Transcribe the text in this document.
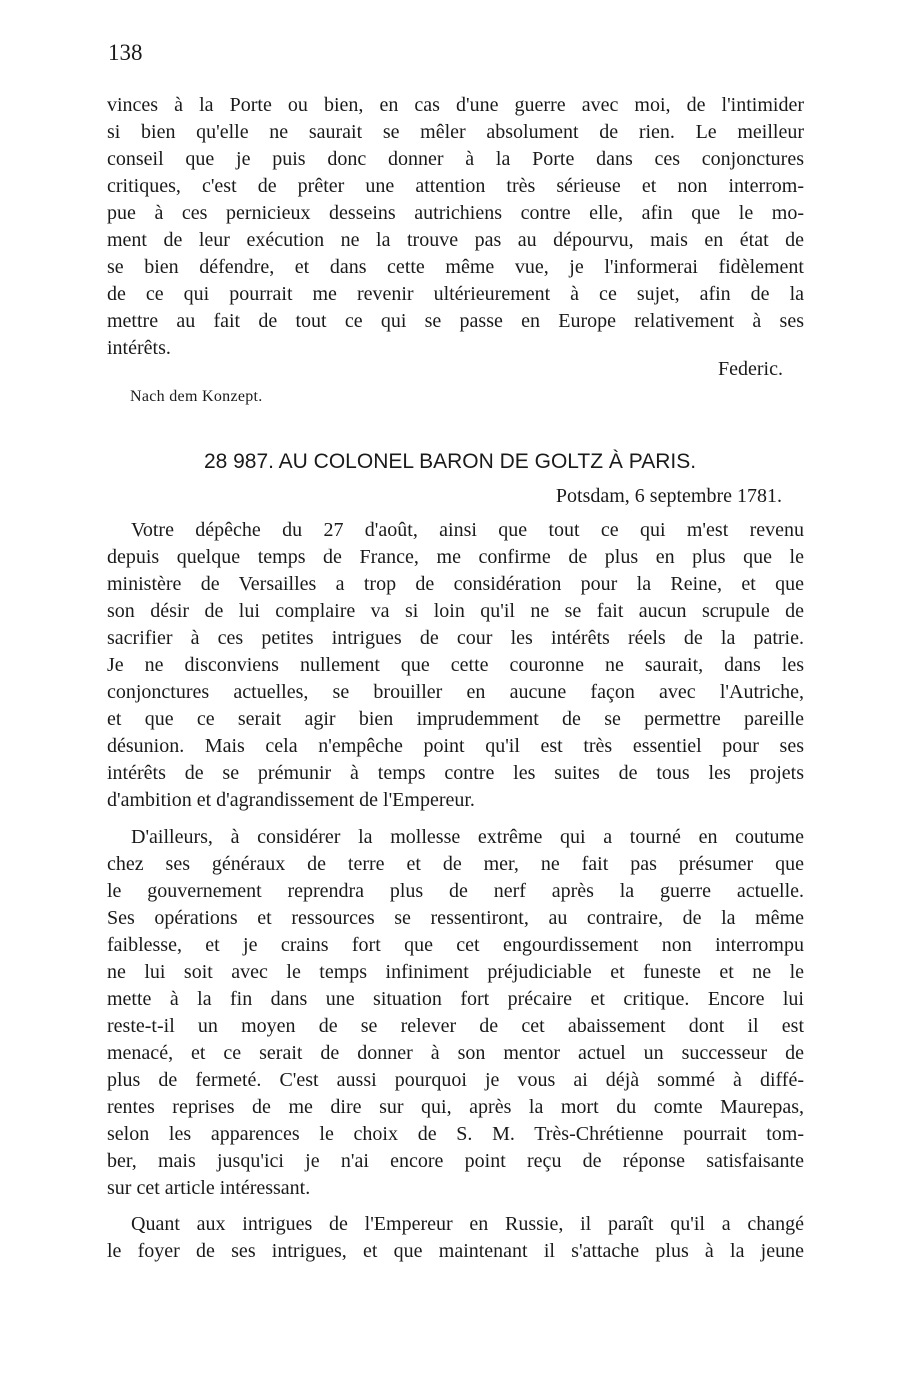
138
vinces à la Porte ou bien, en cas d'une guerre avec moi, de l'intimider
si bien qu'elle ne saurait se mêler absolument de rien. Le meilleur
conseil que je puis donc donner à la Porte dans ces conjonctures
critiques, c'est de prêter une attention très sérieuse et non interrom-
pue à ces pernicieux desseins autrichiens contre elle, afin que le mo-
ment de leur exécution ne la trouve pas au dépourvu, mais en état de
se bien défendre, et dans cette même vue, je l'informerai fidèlement
de ce qui pourrait me revenir ultérieurement à ce sujet, afin de la
mettre au fait de tout ce qui se passe en Europe relativement à ses
intérêts.
Federic.
Nach dem Konzept.
28 987. AU COLONEL BARON DE GOLTZ À PARIS.
Potsdam, 6 septembre 1781.
Votre dépêche du 27 d'août, ainsi que tout ce qui m'est revenu
depuis quelque temps de France, me confirme de plus en plus que le
ministère de Versailles a trop de considération pour la Reine, et que
son désir de lui complaire va si loin qu'il ne se fait aucun scrupule de
sacrifier à ces petites intrigues de cour les intérêts réels de la patrie.
Je ne disconviens nullement que cette couronne ne saurait, dans les
conjonctures actuelles, se brouiller en aucune façon avec l'Autriche,
et que ce serait agir bien imprudemment de se permettre pareille
désunion. Mais cela n'empêche point qu'il est très essentiel pour ses
intérêts de se prémunir à temps contre les suites de tous les projets
d'ambition et d'agrandissement de l'Empereur.
D'ailleurs, à considérer la mollesse extrême qui a tourné en coutume
chez ses généraux de terre et de mer, ne fait pas présumer que
le gouvernement reprendra plus de nerf après la guerre actuelle.
Ses opérations et ressources se ressentiront, au contraire, de la même
faiblesse, et je crains fort que cet engourdissement non interrompu
ne lui soit avec le temps infiniment préjudiciable et funeste et ne le
mette à la fin dans une situation fort précaire et critique. Encore lui
reste-t-il un moyen de se relever de cet abaissement dont il est
menacé, et ce serait de donner à son mentor actuel un successeur de
plus de fermeté. C'est aussi pourquoi je vous ai déjà sommé à diffé-
rentes reprises de me dire sur qui, après la mort du comte Maurepas,
selon les apparences le choix de S. M. Très-Chrétienne pourrait tom-
ber, mais jusqu'ici je n'ai encore point reçu de réponse satisfaisante
sur cet article intéressant.
Quant aux intrigues de l'Empereur en Russie, il paraît qu'il a changé
le foyer de ses intrigues, et que maintenant il s'attache plus à la jeune
